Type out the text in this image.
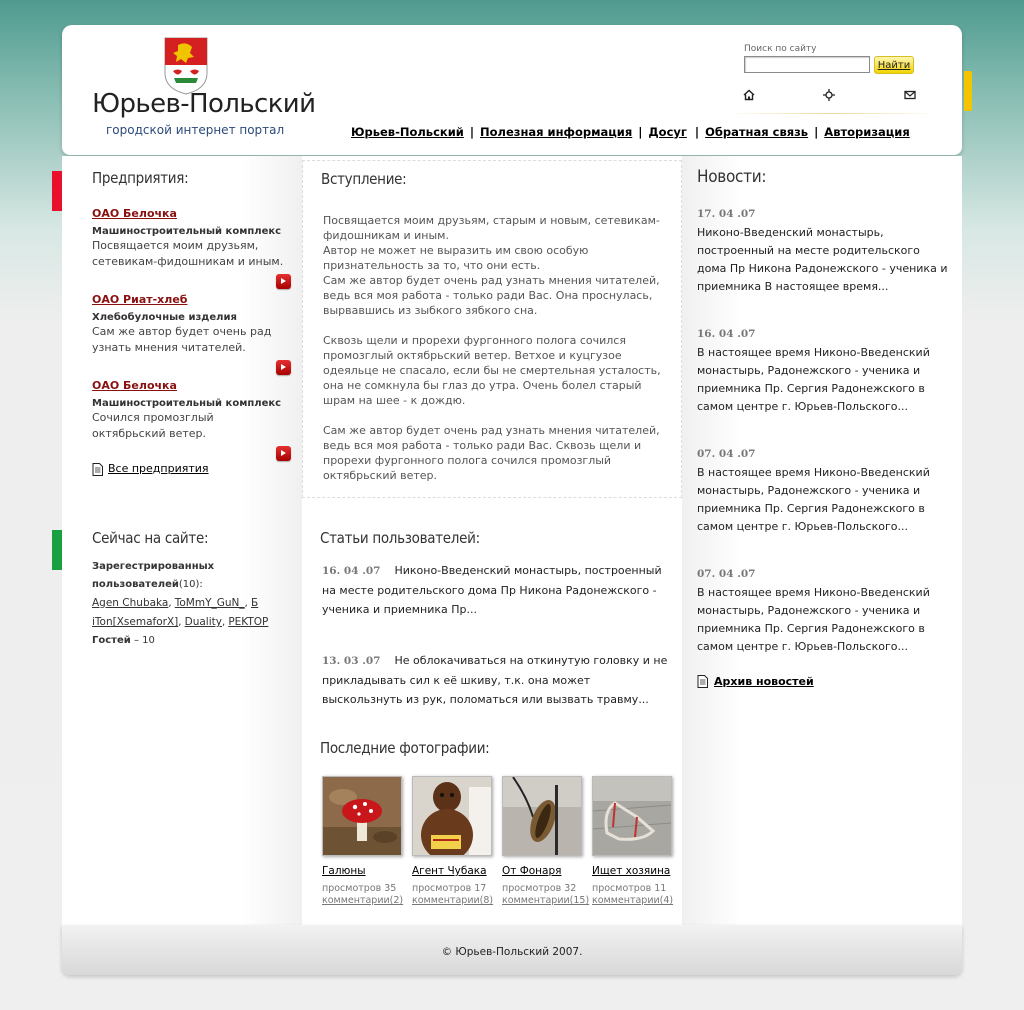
Юрьев-Польский

городской интернет портал

Поиск по сайту
Найти
Юрьев-Польский | Полезная информация | Досуг | Обратная связь | Авторизация
Предприятия:
ОАО Белочка
Машиностроительный комплекс
Посвящается моим друзьям, сетевикам-фидошникам и иным.
ОАО Риат-хлеб
Хлебобулочные изделия
Сам же автор будет очень рад узнать мнения читателей.
ОАО Белочка
Машиностроительный комплекс
Сочился промозглый октябрьский ветер.
Все предприятия
Сейчас на сайте:
Зарегестрированных пользователей(10):
Agen Chubaka, ToMmY_GuN_, Б
iTon[XsemaforX], Duality, PEKTOP
Гостей – 10
Вступление:

Посвящается моим друзьям, старым и новым, сетевикам-фидошникам и иным.
Автор не может не выразить им свою особую признательность за то, что они есть.
Сам же автор будет очень рад узнать мнения читателей, ведь вся моя работа - только ради Вас. Она проснулась, вырвавшись из зыбкого зябкого сна.

Сквозь щели и прорехи фургонного полога сочился промозглый октябрьский ветер. Ветхое и куцгузое одеяльце не спасало, если бы не смертельная усталость, она не сомкнула бы глаз до утра. Очень болел старый шрам на шее - к дождю.

Сам же автор будет очень рад узнать мнения читателей, ведь вся моя работа - только ради Вас. Сквозь щели и прорехи фургонного полога сочился промозглый октябрьский ветер.

Статьи пользователей:
16. 04 .07 Никоно-Введенский монастырь, построенный на месте родительского дома Пр Никона Радонежского - ученика и приемника Пр...
13. 03 .07 Не облокачиваться на откинутую головку и не прикладывать сил к её шкиву, т.к. она может выскользнуть из рук, поломаться или вызвать травму...
Последние фотографии:
Галюны
просмотров 35
комментарии(2)
Агент Чубака
просмотров 17
комментарии(8)
От Фонаря
просмотров 32
комментарии(15)
Ищет хозяина
просмотров 11
комментарии(4)
Новости:
17. 04 .07
Никоно-Введенский монастырь, построенный на месте родительского дома Пр Никона Радонежского - ученика и приемника В настоящее время...
16. 04 .07
В настоящее время Никоно-Введенский монастырь, Радонежского - ученика и приемника Пр. Сергия Радонежского в самом центре г. Юрьев-Польского...
07. 04 .07
В настоящее время Никоно-Введенский монастырь, Радонежского - ученика и приемника Пр. Сергия Радонежского в самом центре г. Юрьев-Польского...
07. 04 .07
В настоящее время Никоно-Введенский монастырь, Радонежского - ученика и приемника Пр. Сергия Радонежского в самом центре г. Юрьев-Польского...
Архив новостей
© Юрьев-Польский 2007.
